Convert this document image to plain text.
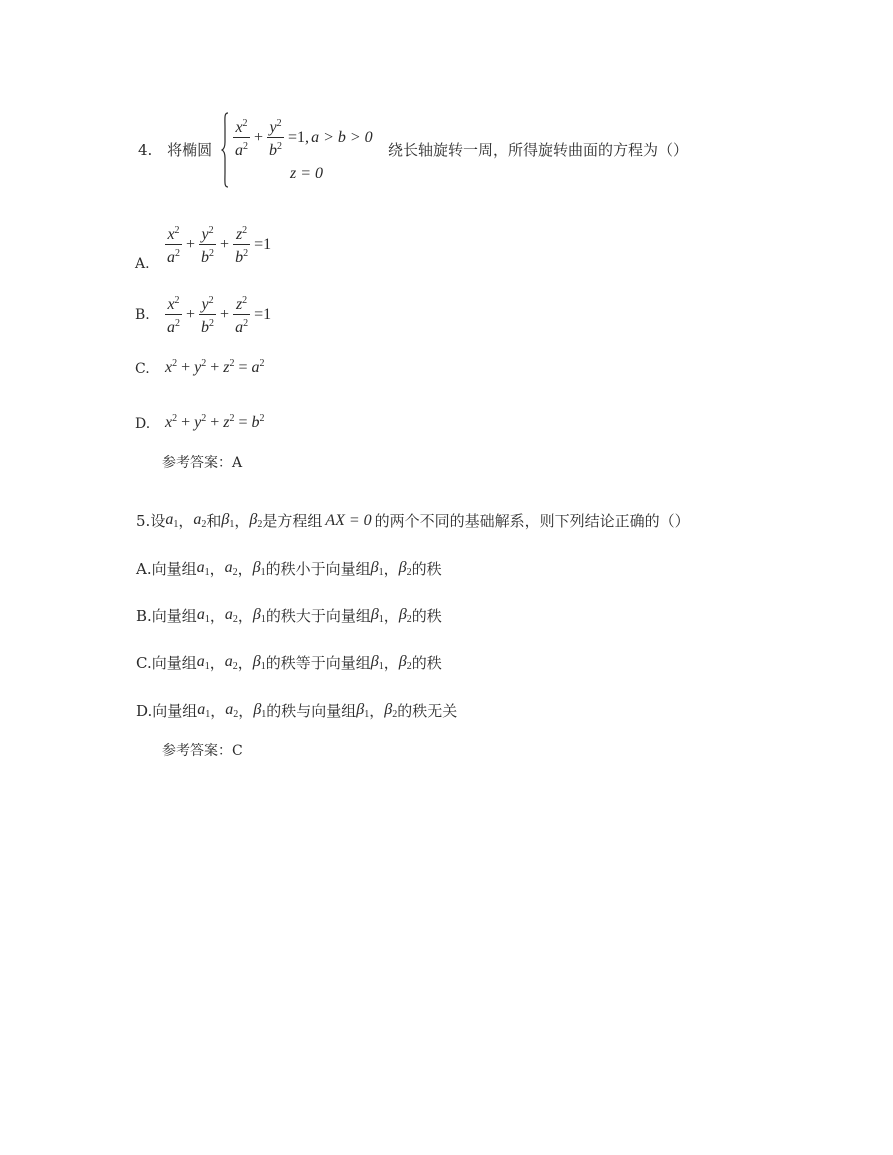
4. 将椭圆 $\frac{x^2}{a^2} + \frac{y^2}{b^2} =1$, a > b > 0
z = 0
绕长轴旋转一周，所得旋转曲面的方程为（）
A. $\frac{x^2}{a^2} + \frac{y^2}{b^2} + \frac{z^2}{b^2} =1$
B. $\frac{x^2}{a^2} + \frac{y^2}{b^2} + \frac{z^2}{a^2} =1$
C. $x^2 + y^2 + z^2 = a^2$
D. $x^2 + y^2 + z^2 = b^2$
参考答案：A
5. 设 $a_1$ ， $a_2$ 和 $\beta_1$ ， $\beta_2$ 是方程组 AX = 0 的两个不同的基础解系，则下列结论正确的（）
A. 向量组 $a_1$ ， $a_2$ ， $\beta_1$ 的秩小于向量组 $\beta_1$ ， $\beta_2$ 的秩
B. 向量组 $a_1$ ， $a_2$ ， $\beta_1$ 的秩大于向量组 $\beta_1$ ， $\beta_2$ 的秩
C. 向量组 $a_1$ ， $a_2$ ， $\beta_1$ 的秩等于向量组 $\beta_1$ ， $\beta_2$ 的秩
D. 向量组 $a_1$ ， $a_2$ ， $\beta_1$ 的秩与向量组 $\beta_1$ ， $\beta_2$ 的秩无关
参考答案：C
